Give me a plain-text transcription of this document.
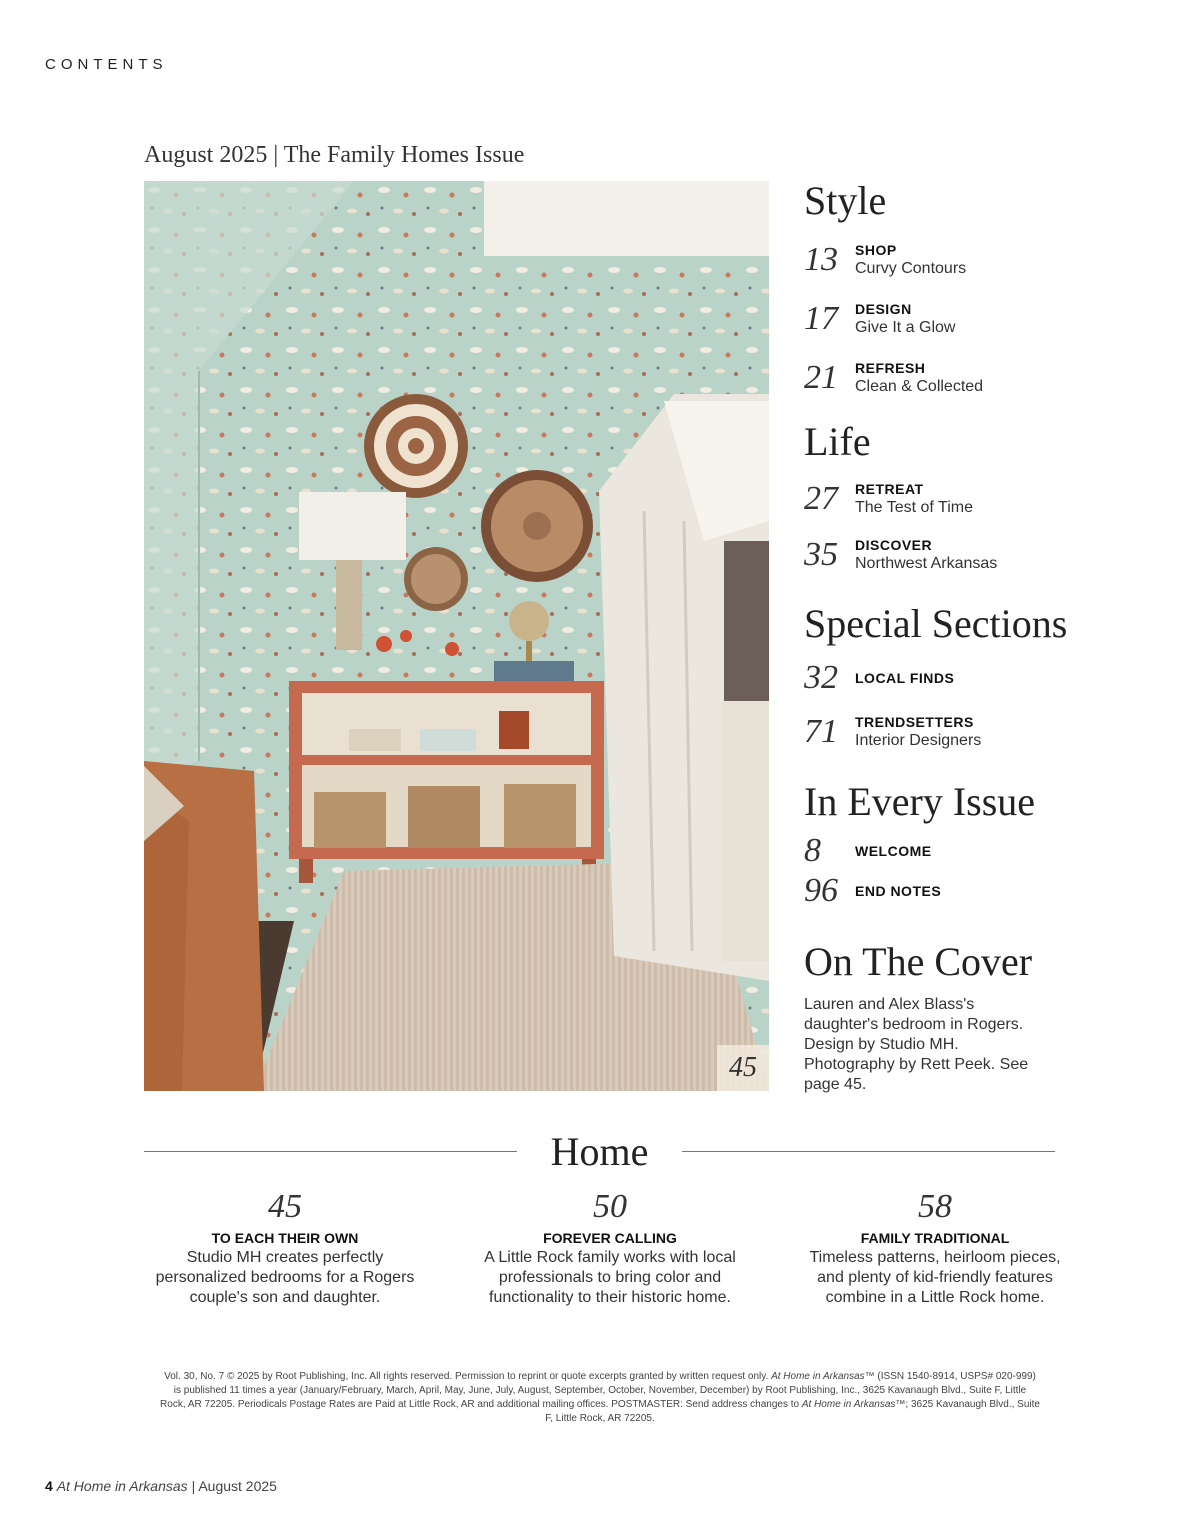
CONTENTS
August 2025 | The Family Homes Issue
45
Style
13	SHOP
Curvy Contours
17	DESIGN
Give It a Glow
21	REFRESH
Clean & Collected
Life
27	RETREAT
The Test of Time
35	DISCOVER
Northwest Arkansas
Special Sections
32	LOCAL FINDS
71	TRENDSETTERS
Interior Designers
In Every Issue
8	WELCOME
96	END NOTES
On The Cover
Lauren and Alex Blass's daughter's bedroom in Rogers. Design by Studio MH. Photography by Rett Peek. See page 45.
Home
45
TO EACH THEIR OWN
Studio MH creates perfectly personalized bedrooms for a Rogers couple's son and daughter.
50
FOREVER CALLING
A Little Rock family works with local professionals to bring color and functionality to their historic home.
58
FAMILY TRADITIONAL
Timeless patterns, heirloom pieces, and plenty of kid-friendly features combine in a Little Rock home.
Vol. 30, No. 7 © 2025 by Root Publishing, Inc. All rights reserved. Permission to reprint or quote excerpts granted by written request only. At Home in Arkansas™ (ISSN 1540-8914, USPS# 020-999) is published 11 times a year (January/February, March, April, May, June, July, August, September, October, November, December) by Root Publishing, Inc., 3625 Kavanaugh Blvd., Suite F, Little Rock, AR 72205. Periodicals Postage Rates are Paid at Little Rock, AR and additional mailing offices. POSTMASTER: Send address changes to At Home in Arkansas™; 3625 Kavanaugh Blvd., Suite F, Little Rock, AR 72205.
4 At Home in Arkansas | August 2025
